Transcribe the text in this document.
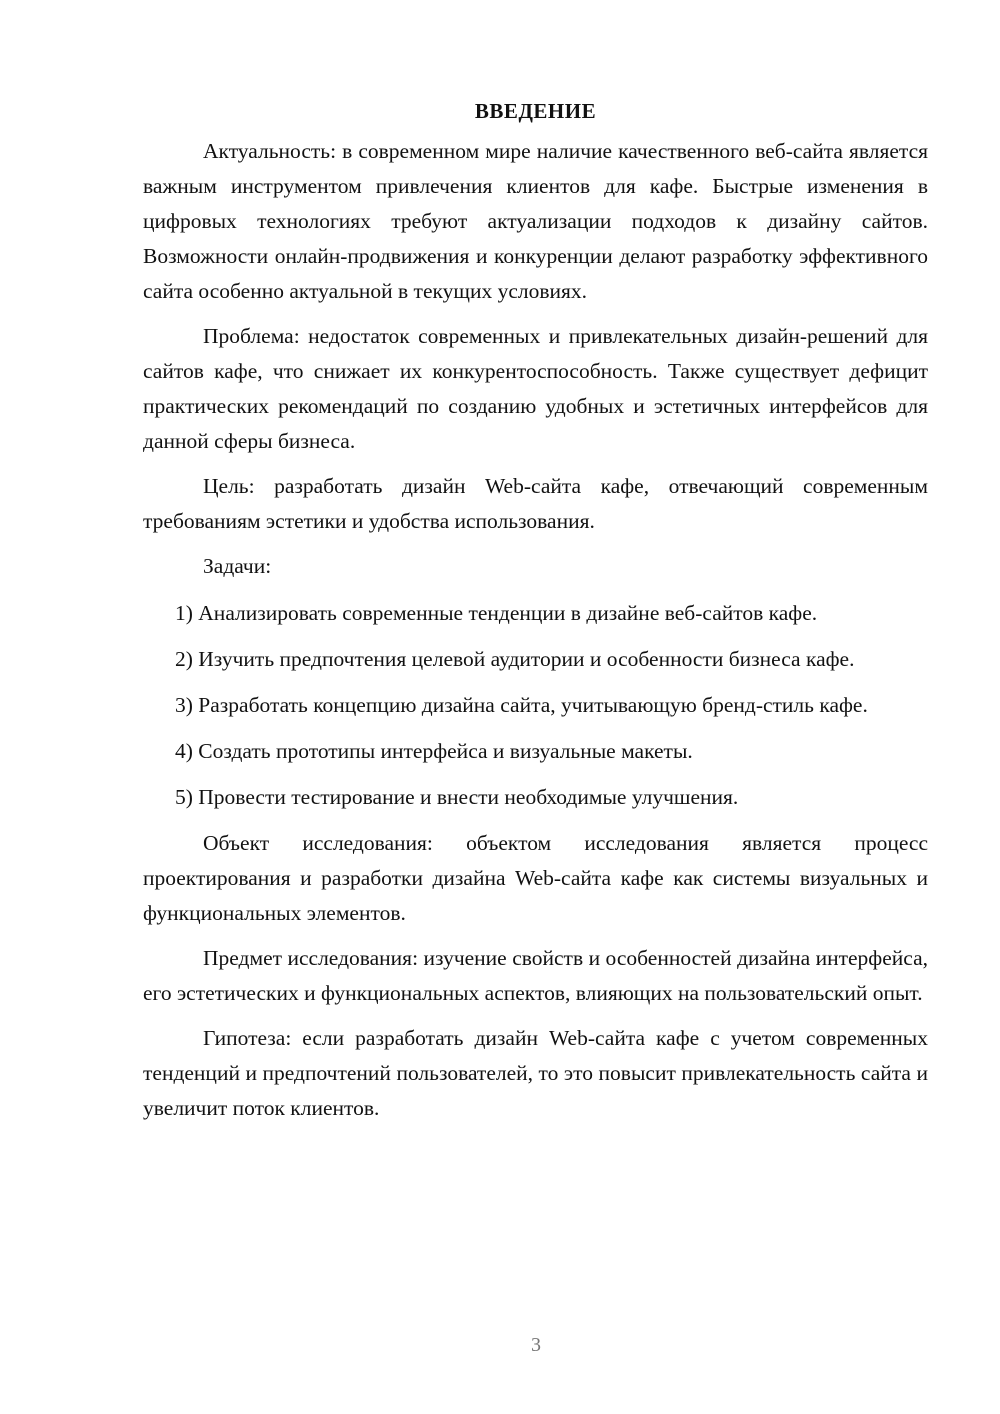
ВВЕДЕНИЕ

Актуальность: в современном мире наличие качественного веб-сайта является важным инструментом привлечения клиентов для кафе. Быстрые изменения в цифровых технологиях требуют актуализации подходов к дизайну сайтов. Возможности онлайн-продвижения и конкуренции делают разработку эффективного сайта особенно актуальной в текущих условиях.

Проблема: недостаток современных и привлекательных дизайн-решений для сайтов кафе, что снижает их конкурентоспособность. Также существует дефицит практических рекомендаций по созданию удобных и эстетичных интерфейсов для данной сферы бизнеса.

Цель: разработать дизайн Web-сайта кафе, отвечающий современным требованиям эстетики и удобства использования.

Задачи:

1) Анализировать современные тенденции в дизайне веб-сайтов кафе.

2) Изучить предпочтения целевой аудитории и особенности бизнеса кафе.

3) Разработать концепцию дизайна сайта, учитывающую бренд-стиль кафе.

4) Создать прототипы интерфейса и визуальные макеты.

5) Провести тестирование и внести необходимые улучшения.

Объект исследования: объектом исследования является процесс проектирования и разработки дизайна Web-сайта кафе как системы визуальных и функциональных элементов.

Предмет исследования: изучение свойств и особенностей дизайна интерфейса, его эстетических и функциональных аспектов, влияющих на пользовательский опыт.

Гипотеза: если разработать дизайн Web-сайта кафе с учетом современных тенденций и предпочтений пользователей, то это повысит привлекательность сайта и увеличит поток клиентов.

3
